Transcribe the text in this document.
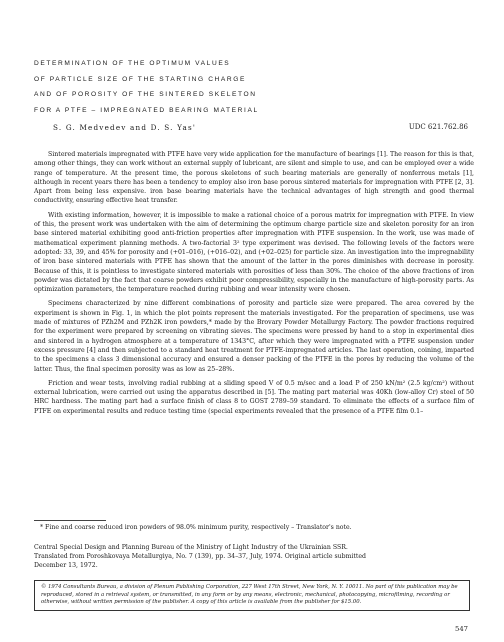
DETERMINATION OF THE OPTIMUM VALUES
OF PARTICLE SIZE OF THE STARTING CHARGE
AND OF POROSITY OF THE SINTERED SKELETON
FOR A PTFE – IMPREGNATED BEARING MATERIAL
S. G. Medvedev and D. S. Yas'	UDC 621.762.86

Sintered materials impregnated with PTFE have very wide application for the manufacture of bearings [1]. The reason for this is that, among other things, they can work without an external supply of lubricant, are silent and simple to use, and can be employed over a wide range of temperature. At the present time, the porous skeletons of such bearing materials are generally of nonferrous metals [1], although in recent years there has been a tendency to employ also iron base porous sintered materials for impregnation with PTFE [2, 3]. Apart from being less expensive. iron base bearing materials have the technical advantages of high strength and good thermal conductivity, ensuring effective heat transfer.

With existing information, however, it is impossible to make a rational choice of a porous matrix for impregnation with PTFE. In view of this, the present work was undertaken with the aim of determining the optimum charge particle size and skeleton porosity for an iron base sintered material exhibiting good anti-friction properties after impregnation with PTFE suspension. In the work, use was made of mathematical experiment planning methods. A two-factorial 3² type experiment was devised. The following levels of the factors were adopted: 33, 39, and 45% for porosity and (+01–016), (+016–02), and (+02–025) for particle size. An investigation into the impregnability of iron base sintered materials with PTFE has shown that the amount of the latter in the pores diminishes with decrease in porosity. Because of this, it is pointless to investigate sintered materials with porosities of less than 30%. The choice of the above fractions of iron powder was dictated by the fact that coarse powders exhibit poor compressibility, especially in the manufacture of high-porosity parts. As optimization parameters, the temperature reached during rubbing and wear intensity were chosen.

Specimens characterized by nine different combinations of porosity and particle size were prepared. The area covered by the experiment is shown in Fig. 1, in which the plot points represent the materials investigated. For the preparation of specimens, use was made of mixtures of PZh2M and PZh2K iron powders,* made by the Brovary Powder Metallurgy Factory. The powder fractions required for the experiment were prepared by screening on vibrating sieves. The specimens were pressed by hand to a stop in experimental dies and sintered in a hydrogen atmosphere at a temperature of 1343°C, after which they were impregnated with a PTFE suspension under excess pressure [4] and then subjected to a standard heat treatment for PTFE-impregnated articles. The last operation, coining, imparted to the specimens a class 3 dimensional accuracy and ensured a denser packing of the PTFE in the pores by reducing the volume of the latter. Thus, the final specimen porosity was as low as 25–28%.

Friction and wear tests, involving radial rubbing at a sliding speed V of 0.5 m/sec and a load P of 250 kN/m² (2.5 kg/cm²) without external lubrication, were carried out using the apparatus described in [5]. The mating part material was 40Kh (low-alloy Cr) steel of 50 HRC hardness. The mating part had a surface finish of class 8 to GOST 2789–59 standard. To eliminate the effects of a surface film of PTFE on experimental results and reduce testing time (special experiments revealed that the presence of a PTFE film 0.1–

* Fine and coarse reduced iron powders of 98.0% minimum purity, respectively – Translator's note.

Central Special Design and Planning Bureau of the Ministry of Light Industry of the Ukrainian SSR.

Translated from Poroshkovaya Metallurgiya, No. 7 (139), pp. 34–37, July, 1974. Original article submitted

December 13, 1972.

© 1974 Consultants Bureau, a division of Plenum Publishing Corporation, 227 West 17th Street, New York, N. Y. 10011. No part of this publication may be reproduced, stored in a retrieval system, or transmitted, in any form or by any means, electronic, mechanical, photocopying, microfilming, recording or otherwise, without written permission of the publisher. A copy of this article is available from the publisher for $15.00.

547
